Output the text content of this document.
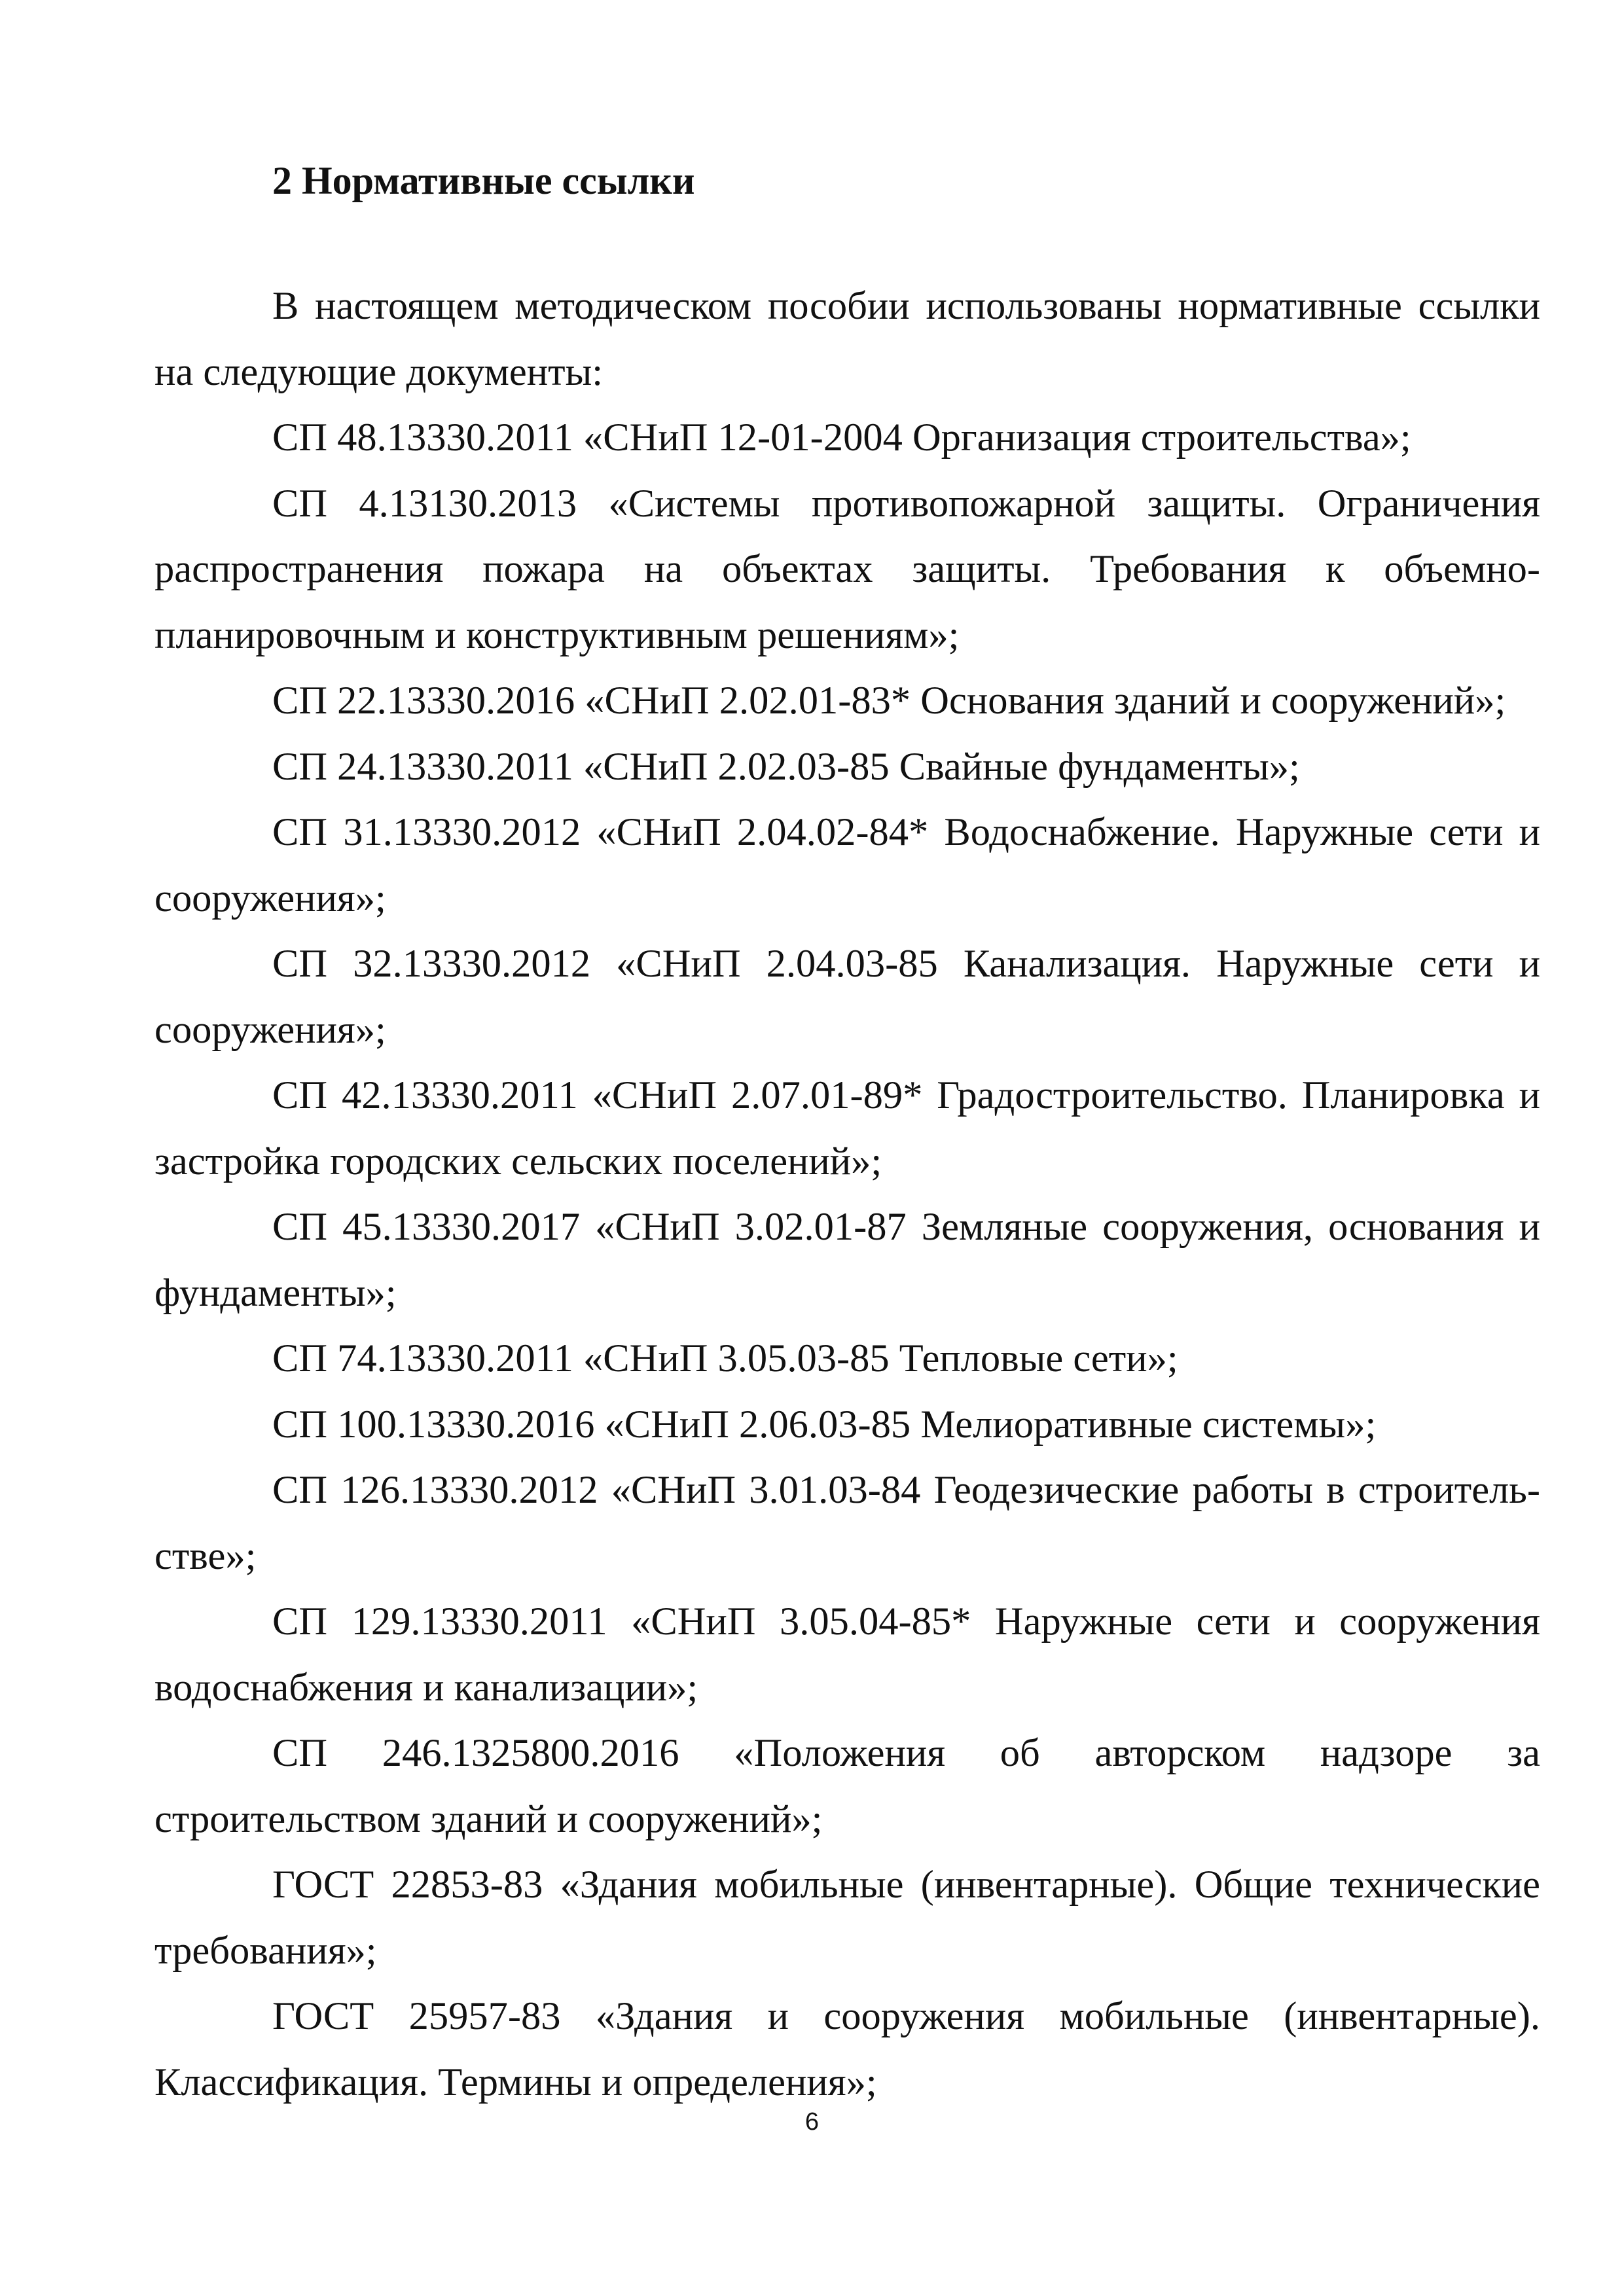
2 Нормативные ссылки

В настоящем методическом пособии использованы нормативные ссылки на следующие документы:

СП 48.13330.2011 «СНиП 12-01-2004 Организация строительства»;

СП 4.13130.2013 «Системы противопожарной защиты. Ограничения распространения пожара на объектах защиты. Требования к объемно-планировочным и конструктивным решениям»;

СП 22.13330.2016 «СНиП 2.02.01-83* Основания зданий и сооружений»;

СП 24.13330.2011 «СНиП 2.02.03-85 Свайные фундаменты»;

СП 31.13330.2012 «СНиП 2.04.02-84* Водоснабжение. Наружные сети и сооружения»;

СП 32.13330.2012 «СНиП 2.04.03-85 Канализация. Наружные сети и сооружения»;

СП 42.13330.2011 «СНиП 2.07.01-89* Градостроительство. Планировка и застройка городских сельских поселений»;

СП 45.13330.2017 «СНиП 3.02.01-87 Земляные сооружения, основания и фундаменты»;

СП 74.13330.2011 «СНиП 3.05.03-85 Тепловые сети»;

СП 100.13330.2016 «СНиП 2.06.03-85 Мелиоративные системы»;

СП 126.13330.2012 «СНиП 3.01.03-84 Геодезические работы в строительстве»;

СП 129.13330.2011 «СНиП 3.05.04-85* Наружные сети и сооружения водоснабжения и канализации»;

СП 246.1325800.2016 «Положения об авторском надзоре за строительством зданий и сооружений»;

ГОСТ 22853-83 «Здания мобильные (инвентарные). Общие технические требования»;

ГОСТ 25957-83 «Здания и сооружения мобильные (инвентарные). Классификация. Термины и определения»;

6
